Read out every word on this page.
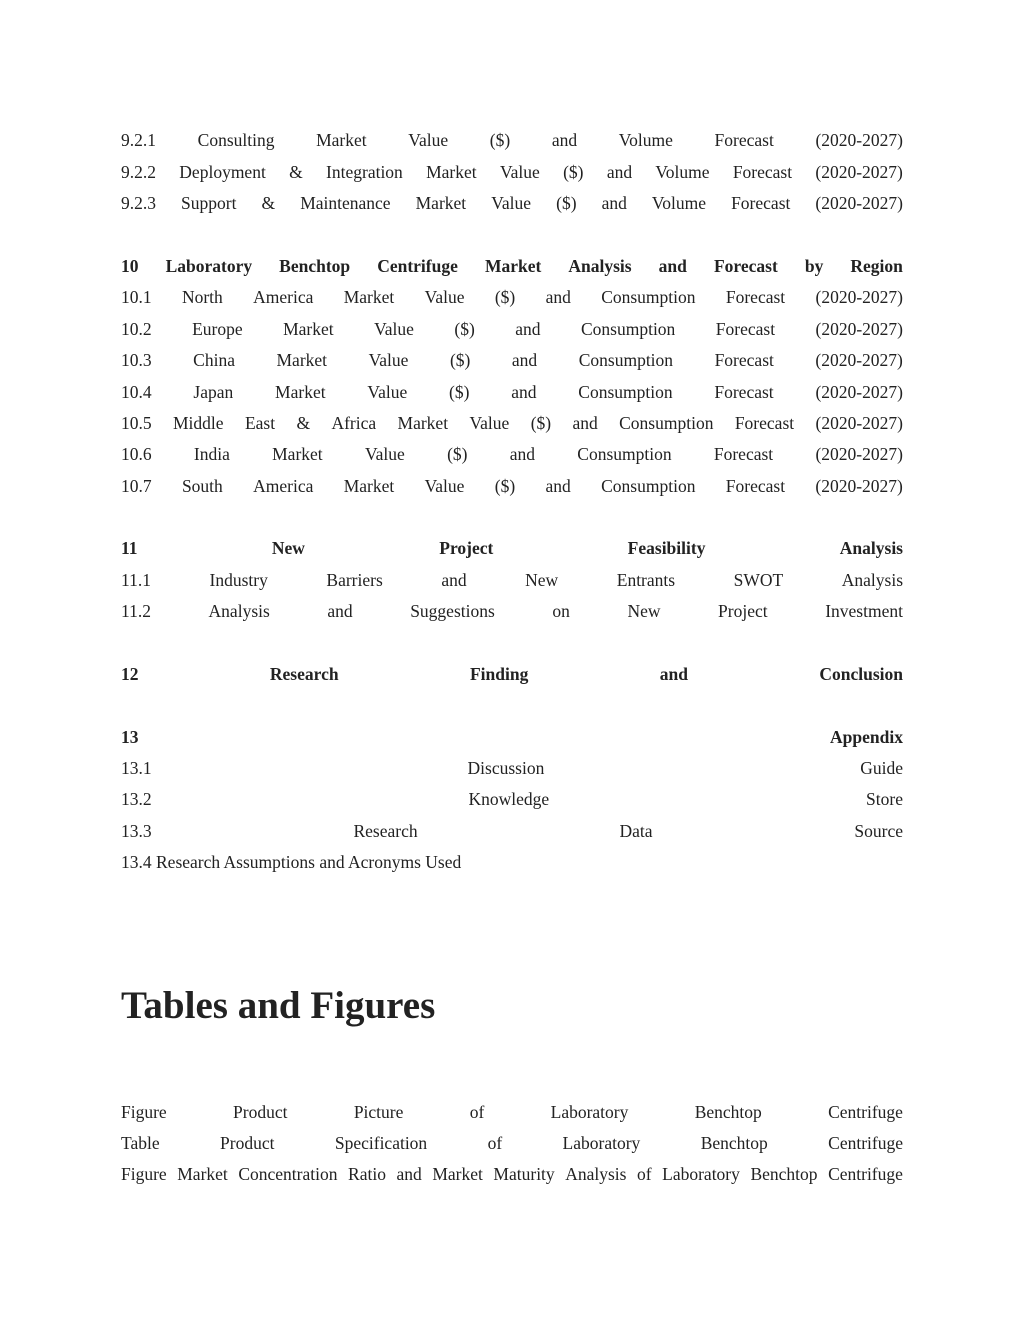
9.2.1 Consulting Market Value ($) and Volume Forecast (2020-2027)
9.2.2 Deployment & Integration Market Value ($) and Volume Forecast (2020-2027)
9.2.3 Support & Maintenance Market Value ($) and Volume Forecast (2020-2027)
10 Laboratory Benchtop Centrifuge Market Analysis and Forecast by Region
10.1 North America Market Value ($) and Consumption Forecast (2020-2027)
10.2 Europe Market Value ($) and Consumption Forecast (2020-2027)
10.3 China Market Value ($) and Consumption Forecast (2020-2027)
10.4 Japan Market Value ($) and Consumption Forecast (2020-2027)
10.5 Middle East & Africa Market Value ($) and Consumption Forecast (2020-2027)
10.6 India Market Value ($) and Consumption Forecast (2020-2027)
10.7 South America Market Value ($) and Consumption Forecast (2020-2027)
11	New	Project	Feasibility	Analysis
11.1	Industry	Barriers	and	New	Entrants	SWOT	Analysis
11.2	Analysis	and	Suggestions	on	New	Project	Investment
12	Research	Finding	and	Conclusion
13	Appendix
13.1	Discussion	Guide
13.2	Knowledge	Store
13.3	Research	Data	Source
13.4 Research Assumptions and Acronyms Used
Tables and Figures
Figure	Product	Picture	of	Laboratory	Benchtop	Centrifuge
Table	Product	Specification	of	Laboratory	Benchtop	Centrifuge
Figure Market Concentration Ratio and Market Maturity Analysis of Laboratory Benchtop Centrifuge
